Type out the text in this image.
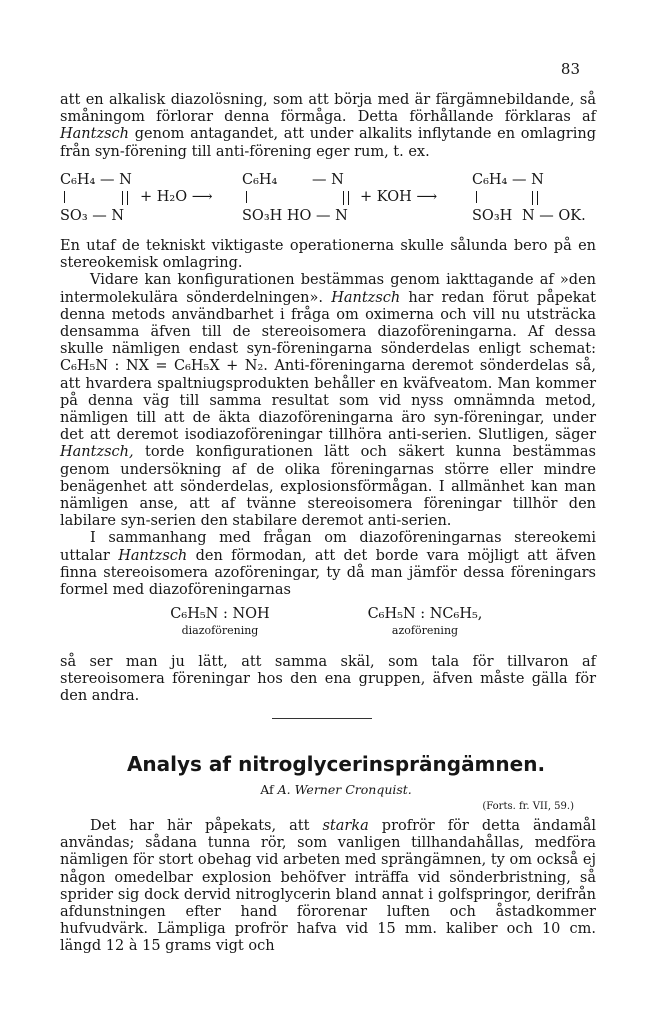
83

att en alkalisk diazolösning, som att börja med är färgämnebildande, så småningom förlorar denna förmåga. Detta förhållande förklaras af Hantzsch genom antagandet, att under alkalits inflytande en omlagring från syn-förening till anti-förening eger rum, t. ex.

C₆H₄ — N
+ H₂O ⟶
SO₃ — N
C₆H₄ — N
+ KOH ⟶
SO₃H HO — N
C₆H₄ — N
SO₃H N — OK.

En utaf de tekniskt viktigaste operationerna skulle sålunda bero på en stereokemisk omlagring.

Vidare kan konfigurationen bestämmas genom iakttagande af »den intermolekulära sönderdelningen». Hantzsch har redan förut påpekat denna metods användbarhet i fråga om oximerna och vill nu utsträcka densamma äfven till de stereoisomera diazoföreningarna. Af dessa skulle nämligen endast syn-föreningarna sönderdelas enligt schemat: C₆H₅N : NX = C₆H₅X + N₂. Anti-föreningarna deremot sönderdelas så, att hvardera spaltniugsprodukten behåller en kväfveatom. Man kommer på denna väg till samma resultat som vid nyss omnämnda metod, nämligen till att de äkta diazoföreningarna äro syn-föreningar, under det att deremot isodiazoföreningar tillhöra anti-serien. Slutligen, säger Hantzsch, torde konfigurationen lätt och säkert kunna bestämmas genom undersökning af de olika föreningarnas större eller mindre benägenhet att sönderdelas, explosionsförmågan. I allmänhet kan man nämligen anse, att af tvänne stereoisomera föreningar tillhör den labilare syn-serien den stabilare deremot anti-serien.

I sammanhang med frågan om diazoföreningarnas stereokemi uttalar Hantzsch den förmodan, att det borde vara möjligt att äfven finna stereoisomera azoföreningar, ty då man jämför dessa föreningars formel med diazoföreningarnas

C₆H₅N : NOH
diazoförening
C₆H₅N : NC₆H₅,
azoförening

så ser man ju lätt, att samma skäl, som tala för tillvaron af stereoisomera föreningar hos den ena gruppen, äfven måste gälla för den andra.

Analys af nitroglycerinsprängämnen.
Af A. Werner Cronquist.
(Forts. fr. VII, 59.)

Det har här påpekats, att starka profrör för detta ändamål användas; sådana tunna rör, som vanligen tillhandahållas, medföra nämligen för stort obehag vid arbeten med sprängämnen, ty om också ej någon omedelbar explosion behöfver inträffa vid sönderbristning, så sprider sig dock dervid nitroglycerin bland annat i golfspringor, derifrån afdunstningen efter hand förorenar luften och åstadkommer hufvudvärk. Lämpliga profrör hafva vid 15 mm. kaliber och 10 cm. längd 12 à 15 grams vigt och
